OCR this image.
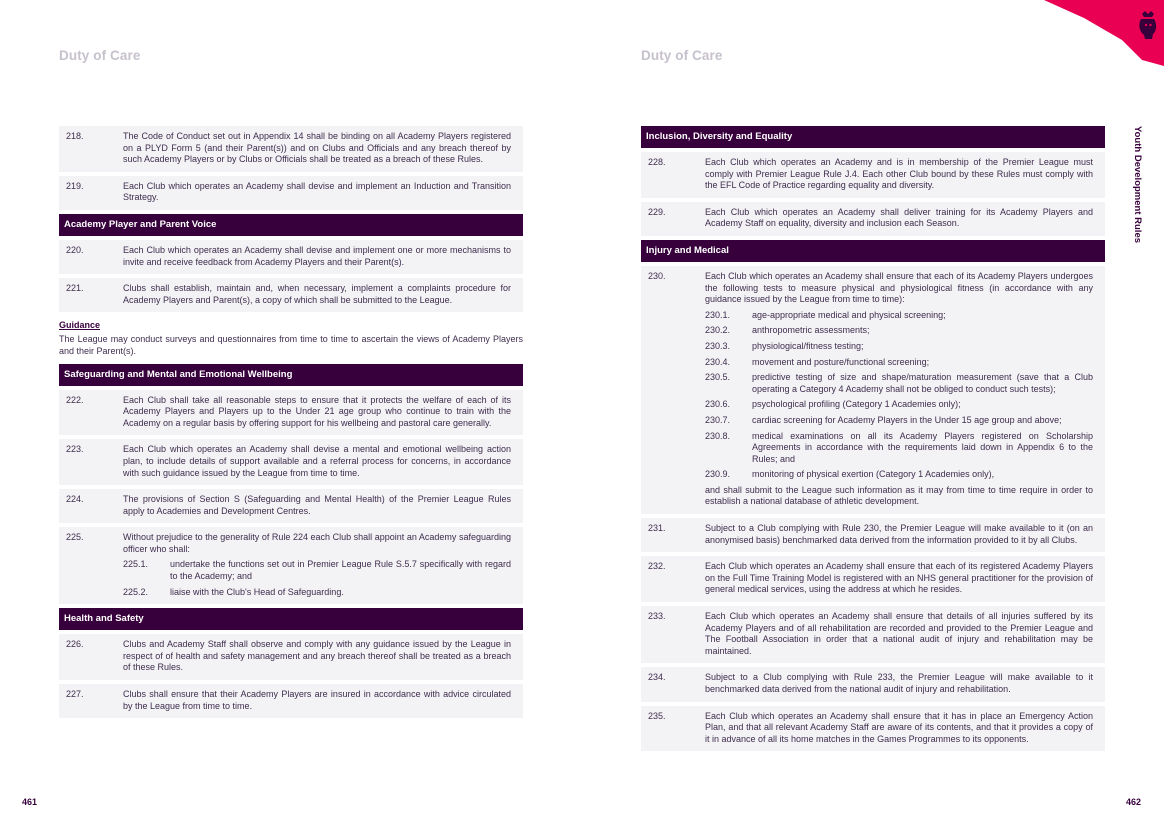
Duty of Care
218.	The Code of Conduct set out in Appendix 14 shall be binding on all Academy Players registered on a PLYD Form 5 (and their Parent(s)) and on Clubs and Officials and any breach thereof by such Academy Players or by Clubs or Officials shall be treated as a breach of these Rules.
219.	Each Club which operates an Academy shall devise and implement an Induction and Transition Strategy.
Academy Player and Parent Voice
220.	Each Club which operates an Academy shall devise and implement one or more mechanisms to invite and receive feedback from Academy Players and their Parent(s).
221.	Clubs shall establish, maintain and, when necessary, implement a complaints procedure for Academy Players and Parent(s), a copy of which shall be submitted to the League.
Guidance
The League may conduct surveys and questionnaires from time to time to ascertain the views of Academy Players and their Parent(s).
Safeguarding and Mental and Emotional Wellbeing
222.	Each Club shall take all reasonable steps to ensure that it protects the welfare of each of its Academy Players and Players up to the Under 21 age group who continue to train with the Academy on a regular basis by offering support for his wellbeing and pastoral care generally.
223.	Each Club which operates an Academy shall devise a mental and emotional wellbeing action plan, to include details of support available and a referral process for concerns, in accordance with such guidance issued by the League from time to time.
224.	The provisions of Section S (Safeguarding and Mental Health) of the Premier League Rules apply to Academies and Development Centres.
225.	Without prejudice to the generality of Rule 224 each Club shall appoint an Academy safeguarding officer who shall:
225.1.	undertake the functions set out in Premier League Rule S.5.7 specifically with regard to the Academy; and
225.2.	liaise with the Club's Head of Safeguarding.
Health and Safety
226.	Clubs and Academy Staff shall observe and comply with any guidance issued by the League in respect of of health and safety management and any breach thereof shall be treated as a breach of these Rules.
227.	Clubs shall ensure that their Academy Players are insured in accordance with advice circulated by the League from time to time.
461
Duty of Care
Inclusion, Diversity and Equality
228.	Each Club which operates an Academy and is in membership of the Premier League must comply with Premier League Rule J.4. Each other Club bound by these Rules must comply with the EFL Code of Practice regarding equality and diversity.
229.	Each Club which operates an Academy shall deliver training for its Academy Players and Academy Staff on equality, diversity and inclusion each Season.
Injury and Medical
230.	Each Club which operates an Academy shall ensure that each of its Academy Players undergoes the following tests to measure physical and physiological fitness (in accordance with any guidance issued by the League from time to time):
230.1.	age-appropriate medical and physical screening;
230.2.	anthropometric assessments;
230.3.	physiological/fitness testing;
230.4.	movement and posture/functional screening;
230.5.	predictive testing of size and shape/maturation measurement (save that a Club operating a Category 4 Academy shall not be obliged to conduct such tests);
230.6.	psychological profiling (Category 1 Academies only);
230.7.	cardiac screening for Academy Players in the Under 15 age group and above;
230.8.	medical examinations on all its Academy Players registered on Scholarship Agreements in accordance with the requirements laid down in Appendix 6 to the Rules; and
230.9.	monitoring of physical exertion (Category 1 Academies only),
and shall submit to the League such information as it may from time to time require in order to establish a national database of athletic development.
231.	Subject to a Club complying with Rule 230, the Premier League will make available to it (on an anonymised basis) benchmarked data derived from the information provided to it by all Clubs.
232.	Each Club which operates an Academy shall ensure that each of its registered Academy Players on the Full Time Training Model is registered with an NHS general practitioner for the provision of general medical services, using the address at which he resides.
233.	Each Club which operates an Academy shall ensure that details of all injuries suffered by its Academy Players and of all rehabilitation are recorded and provided to the Premier League and The Football Association in order that a national audit of injury and rehabilitation may be maintained.
234.	Subject to a Club complying with Rule 233, the Premier League will make available to it benchmarked data derived from the national audit of injury and rehabilitation.
235.	Each Club which operates an Academy shall ensure that it has in place an Emergency Action Plan, and that all relevant Academy Staff are aware of its contents, and that it provides a copy of it in advance of all its home matches in the Games Programmes to its opponents.
462
Youth Development Rules
